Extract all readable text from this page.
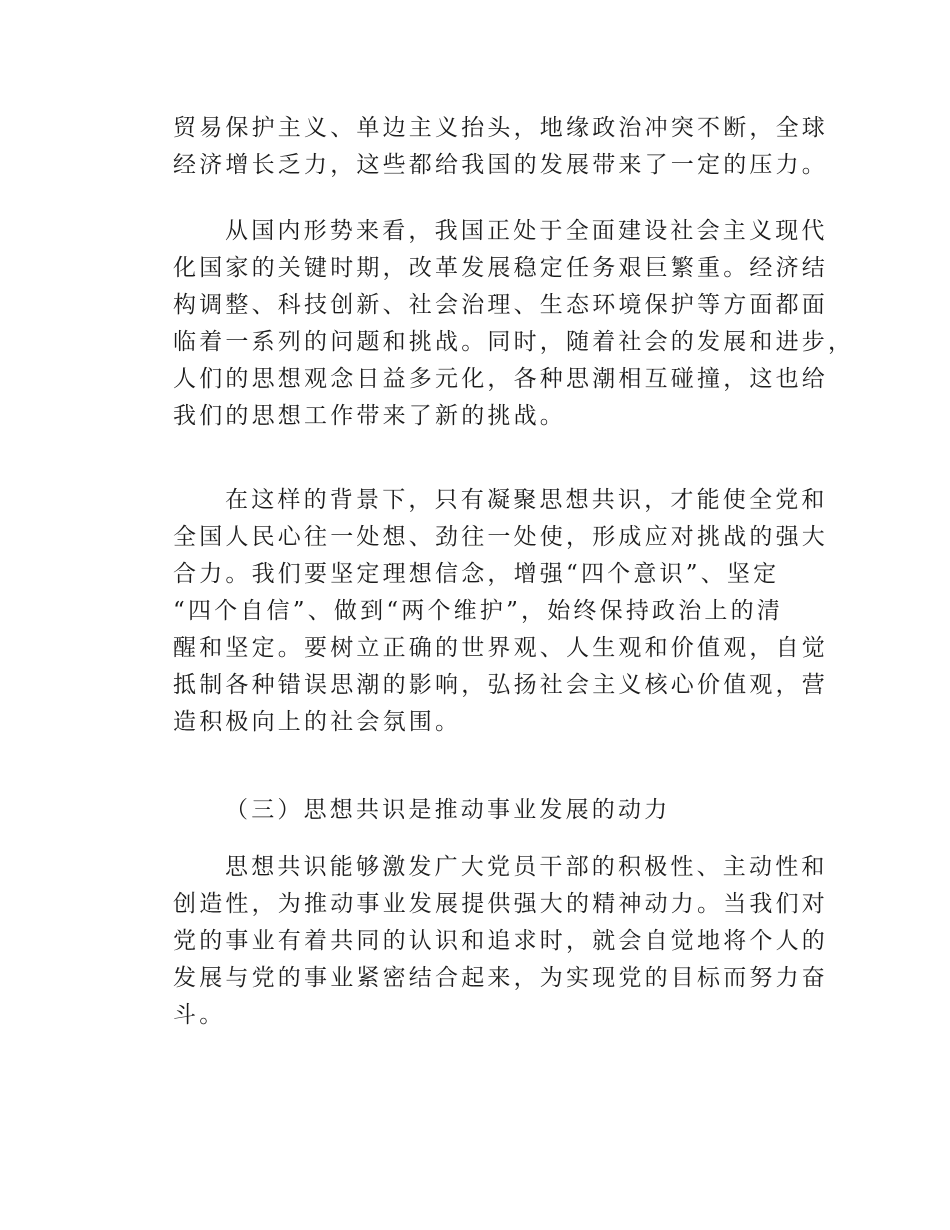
贸易保护主义、单边主义抬头，地缘政治冲突不断，全球
经济增长乏力，这些都给我国的发展带来了一定的压力。
从国内形势来看，我国正处于全面建设社会主义现代
化国家的关键时期，改革发展稳定任务艰巨繁重。经济结
构调整、科技创新、社会治理、生态环境保护等方面都面
临着一系列的问题和挑战。同时，随着社会的发展和进步，
人们的思想观念日益多元化，各种思潮相互碰撞，这也给
我们的思想工作带来了新的挑战。
在这样的背景下，只有凝聚思想共识，才能使全党和
全国人民心往一处想、劲往一处使，形成应对挑战的强大
合力。我们要坚定理想信念，增强“四个意识”、坚定
“四个自信”、做到“两个维护”，始终保持政治上的清
醒和坚定。要树立正确的世界观、人生观和价值观，自觉
抵制各种错误思潮的影响，弘扬社会主义核心价值观，营
造积极向上的社会氛围。
（三）思想共识是推动事业发展的动力
思想共识能够激发广大党员干部的积极性、主动性和
创造性，为推动事业发展提供强大的精神动力。当我们对
党的事业有着共同的认识和追求时，就会自觉地将个人的
发展与党的事业紧密结合起来，为实现党的目标而努力奋
斗。
